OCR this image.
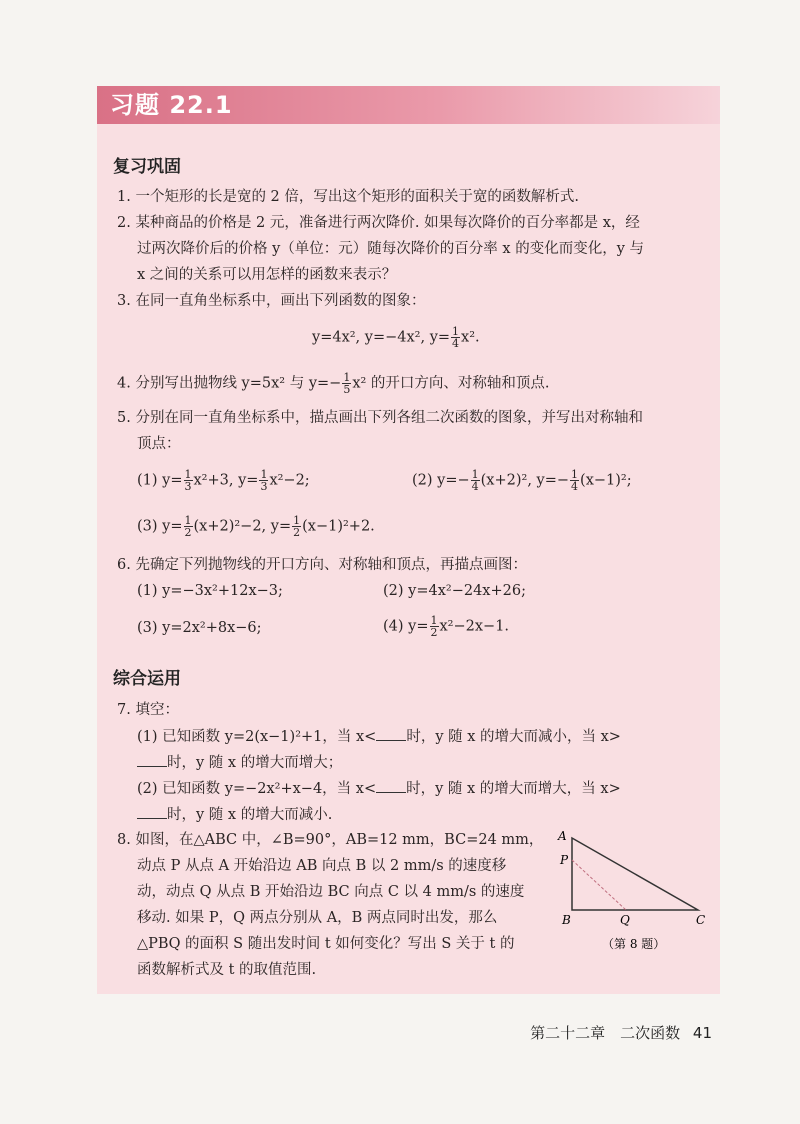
习题 22.1
复习巩固
1. 一个矩形的长是宽的 2 倍，写出这个矩形的面积关于宽的函数解析式.
2. 某种商品的价格是 2 元，准备进行两次降价. 如果每次降价的百分率都是 x，经
过两次降价后的价格 y（单位：元）随每次降价的百分率 x 的变化而变化，y 与
x 之间的关系可以用怎样的函数来表示？
3. 在同一直角坐标系中，画出下列函数的图象：
y=4x², y=−4x², $y= \frac{1}{4} x^2$.
4. 分别写出抛物线 y=5x² 与 $y=- \frac{1}{5} x^2$ 的开口方向、对称轴和顶点.
5. 分别在同一直角坐标系中，描点画出下列各组二次函数的图象，并写出对称轴和
顶点：
(1) $y= \frac{1}{3} x^2+3$, $y= \frac{1}{3} x^2-2$;	(2) $y=- \frac{1}{4} (x+2)^2$, $y=- \frac{1}{4} (x-1)^2$;
(3) $y= \frac{1}{2} (x+2)^2-2$, $y= \frac{1}{2} (x-1)^2+2$.
6. 先确定下列抛物线的开口方向、对称轴和顶点，再描点画图：
(1) y=−3x²+12x−3;	(2) y=4x²−24x+26;
(3) y=2x²+8x−6;	(4) $y= \frac{1}{2} x^2-2x-1$.
综合运用
7. 填空：
(1) 已知函数 y=2(x−1)²+1，当 x< 时，y 随 x 的增大而减小，当 x>
时，y 随 x 的增大而增大；
(2) 已知函数 y=−2x²+x−4，当 x< 时，y 随 x 的增大而增大，当 x>
时，y 随 x 的增大而减小.
8. 如图，在△ABC 中，∠B=90°，AB=12 mm，BC=24 mm，
动点 P 从点 A 开始沿边 AB 向点 B 以 2 mm/s 的速度移
动，动点 Q 从点 B 开始沿边 BC 向点 C 以 4 mm/s 的速度
移动. 如果 P，Q 两点分别从 A，B 两点同时出发，那么
△PBQ 的面积 S 随出发时间 t 如何变化？写出 S 关于 t 的
函数解析式及 t 的取值范围.
A
P
B	Q	C
（第 8 题）
第二十二章　二次函数 41
